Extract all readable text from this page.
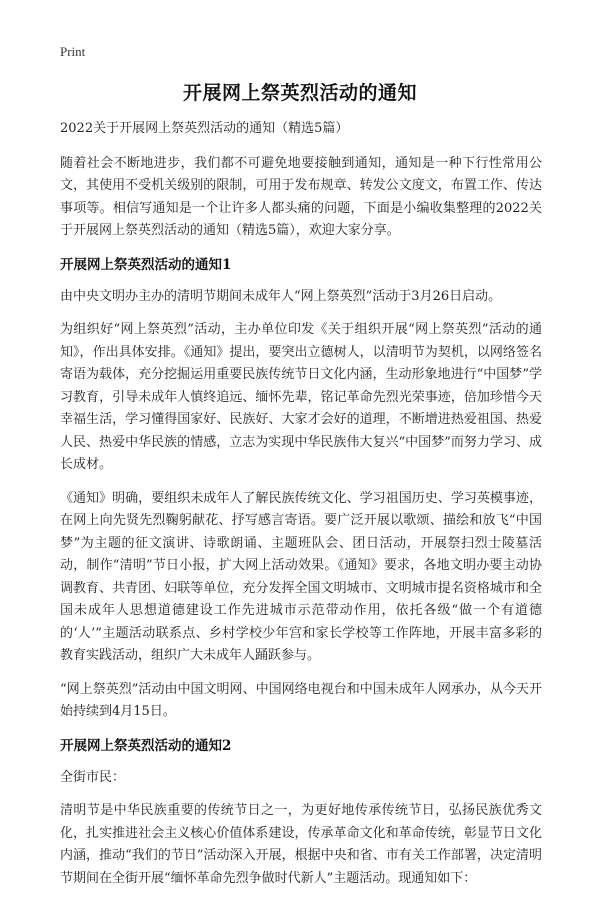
Print
开展网上祭英烈活动的通知

2022关于开展网上祭英烈活动的通知（精选5篇）

随着社会不断地进步，我们都不可避免地要接触到通知，通知是一种下行性常用公文，其使用不受机关级别的限制，可用于发布规章、转发公文度文，布置工作、传达事项等。相信写通知是一个让许多人都头痛的问题，下面是小编收集整理的2022关于开展网上祭英烈活动的通知（精选5篇），欢迎大家分享。

开展网上祭英烈活动的通知1

由中央文明办主办的清明节期间未成年人“网上祭英烈”活动于3月26日启动。

为组织好“网上祭英烈”活动，主办单位印发《关于组织开展“网上祭英烈”活动的通知》，作出具体安排。《通知》提出，要突出立德树人，以清明节为契机，以网络签名寄语为载体，充分挖掘运用重要民族传统节日文化内涵，生动形象地进行“中国梦”学习教育，引导未成年人慎终追远、缅怀先辈，铭记革命先烈光荣事迹，倍加珍惜今天幸福生活，学习懂得国家好、民族好、大家才会好的道理，不断增进热爱祖国、热爱人民、热爱中华民族的情感，立志为实现中华民族伟大复兴“中国梦”而努力学习、成长成材。

《通知》明确，要组织未成年人了解民族传统文化、学习祖国历史、学习英模事迹，在网上向先贤先烈鞠躬献花、抒写感言寄语。要广泛开展以歌颂、描绘和放飞“中国梦”为主题的征文演讲、诗歌朗诵、主题班队会、团日活动，开展祭扫烈士陵墓活动，制作“清明”节日小报，扩大网上活动效果。《通知》要求，各地文明办要主动协调教育、共青团、妇联等单位，充分发挥全国文明城市、文明城市提名资格城市和全国未成年人思想道德建设工作先进城市示范带动作用，依托各级“做一个有道德的‘人’”主题活动联系点、乡村学校少年宫和家长学校等工作阵地，开展丰富多彩的教育实践活动，组织广大未成年人踊跃参与。

“网上祭英烈”活动由中国文明网、中国网络电视台和中国未成年人网承办，从今天开始持续到4月15日。

开展网上祭英烈活动的通知2

全街市民：

清明节是中华民族重要的传统节日之一，为更好地传承传统节日，弘扬民族优秀文化，扎实推进社会主义核心价值体系建设，传承革命文化和革命传统，彰显节日文化内涵，推动“我们的节日”活动深入开展，根据中央和省、市有关工作部署，决定清明节期间在全街开展“缅怀革命先烈争做时代新人”主题活动。现通知如下：
